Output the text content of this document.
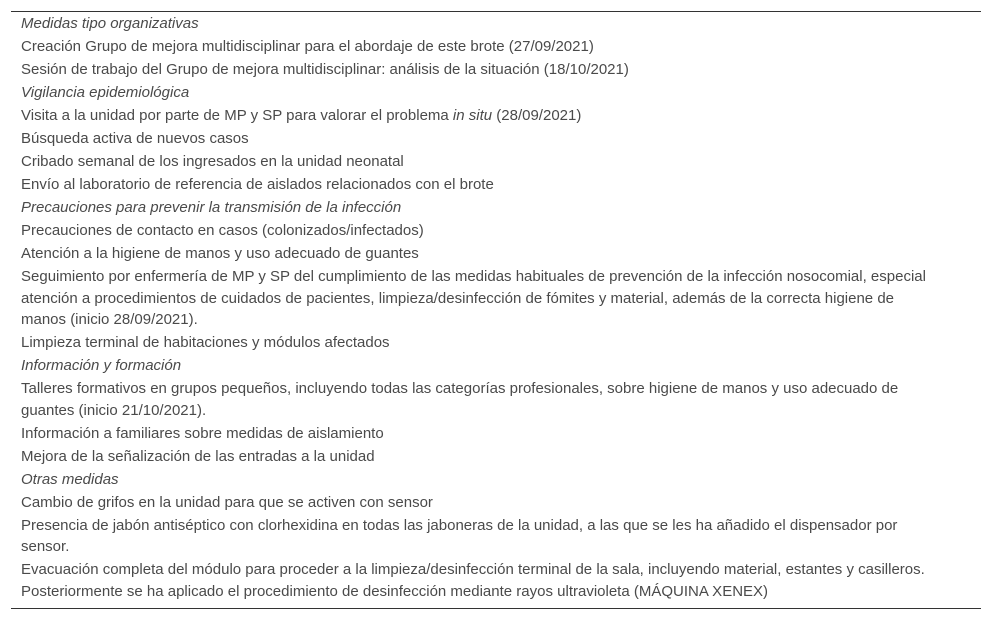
Medidas tipo organizativas
Creación Grupo de mejora multidisciplinar para el abordaje de este brote (27/09/2021)
Sesión de trabajo del Grupo de mejora multidisciplinar: análisis de la situación (18/10/2021)
Vigilancia epidemiológica
Visita a la unidad por parte de MP y SP para valorar el problema in situ (28/09/2021)
Búsqueda activa de nuevos casos
Cribado semanal de los ingresados en la unidad neonatal
Envío al laboratorio de referencia de aislados relacionados con el brote
Precauciones para prevenir la transmisión de la infección
Precauciones de contacto en casos (colonizados/infectados)
Atención a la higiene de manos y uso adecuado de guantes
Seguimiento por enfermería de MP y SP del cumplimiento de las medidas habituales de prevención de la infección nosocomial, especial atención a procedimientos de cuidados de pacientes, limpieza/desinfección de fómites y material, además de la correcta higiene de manos (inicio 28/09/2021).
Limpieza terminal de habitaciones y módulos afectados
Información y formación
Talleres formativos en grupos pequeños, incluyendo todas las categorías profesionales, sobre higiene de manos y uso adecuado de guantes (inicio 21/10/2021).
Información a familiares sobre medidas de aislamiento
Mejora de la señalización de las entradas a la unidad
Otras medidas
Cambio de grifos en la unidad para que se activen con sensor
Presencia de jabón antiséptico con clorhexidina en todas las jaboneras de la unidad, a las que se les ha añadido el dispensador por sensor.
Evacuación completa del módulo para proceder a la limpieza/desinfección terminal de la sala, incluyendo material, estantes y casilleros. Posteriormente se ha aplicado el procedimiento de desinfección mediante rayos ultravioleta (MÁQUINA XENEX)
